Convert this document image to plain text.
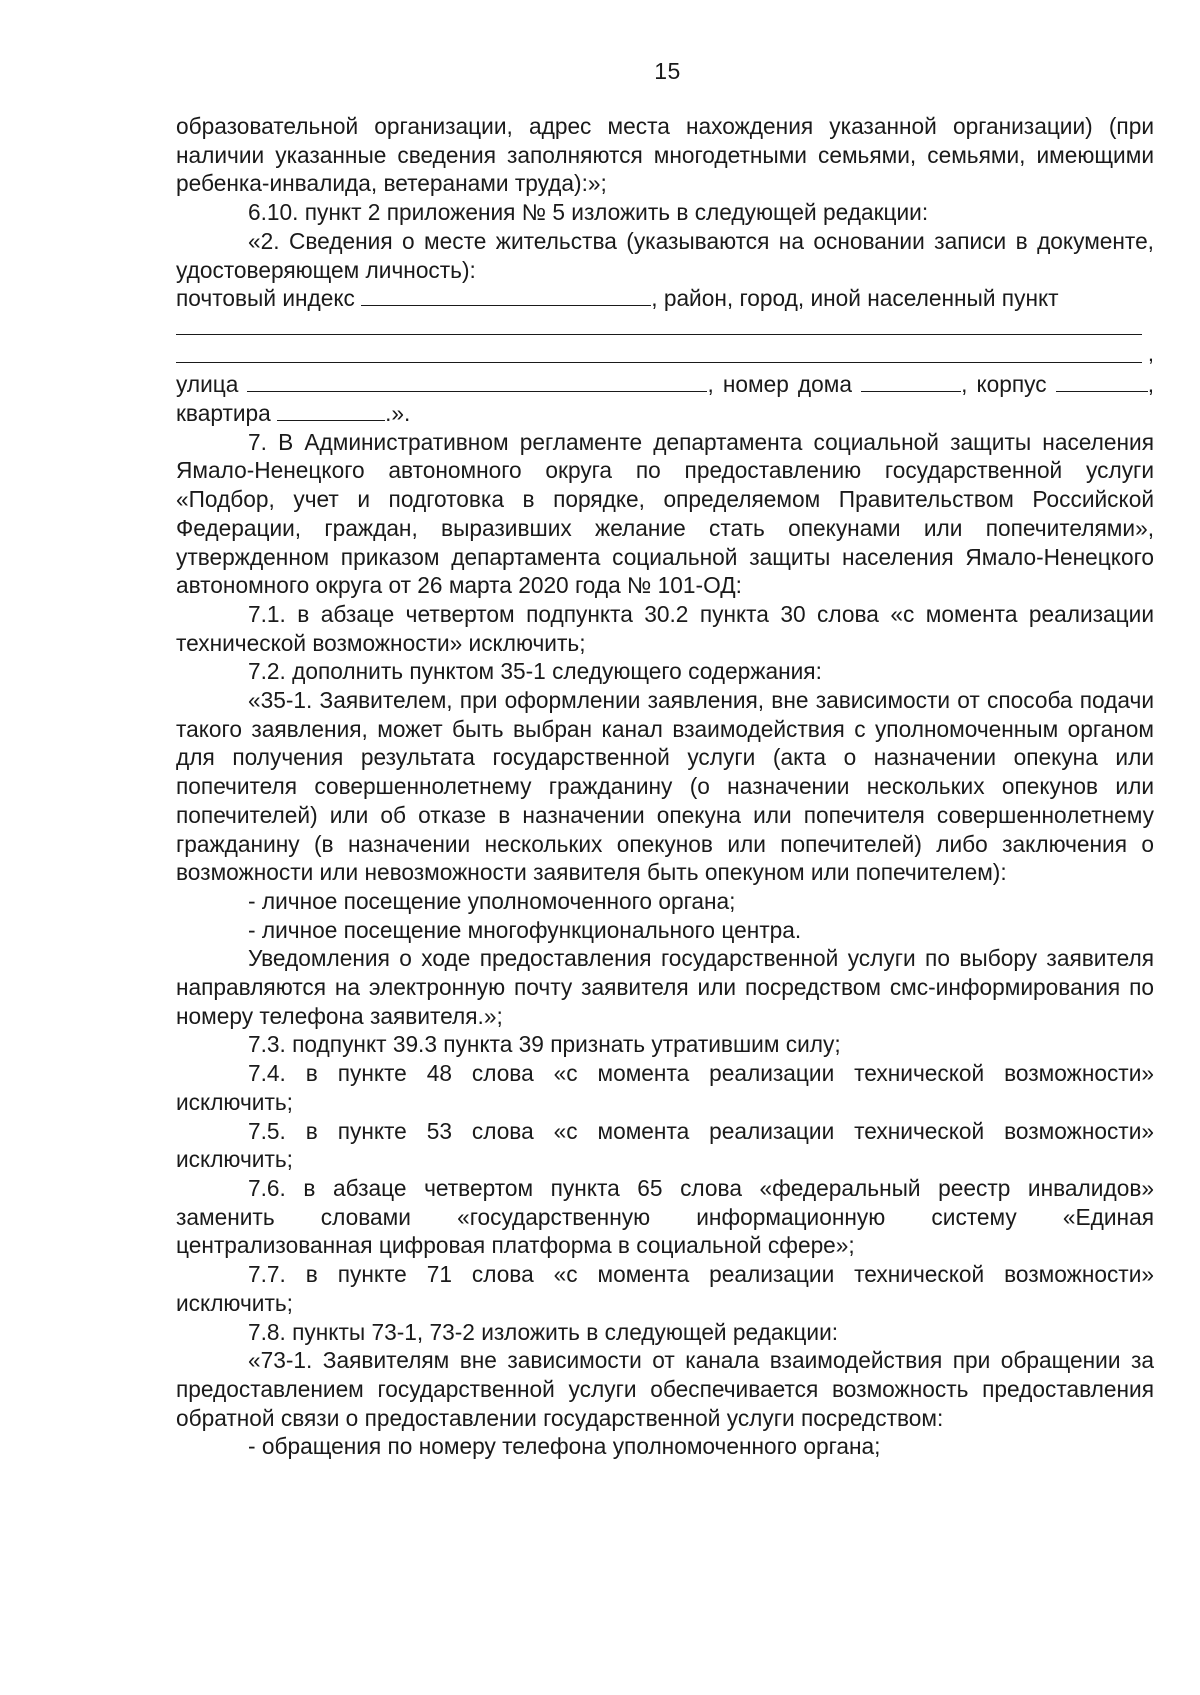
15

образовательной организации, адрес места нахождения указанной организации) (при наличии указанные сведения заполняются многодетными семьями, семьями, имеющими ребенка-инвалида, ветеранами труда):»;

6.10. пункт 2 приложения № 5 изложить в следующей редакции:

«2. Сведения о месте жительства (указываются на основании записи в документе, удостоверяющем личность):

почтовый индекс	, район, город, иной населенный пункт

,

улица	, номер дома	, корпус	, квартира	.».

7. В Административном регламенте департамента социальной защиты населения Ямало-Ненецкого автономного округа по предоставлению государственной услуги «Подбор, учет и подготовка в порядке, определяемом Правительством Российской Федерации, граждан, выразивших желание стать опекунами или попечителями», утвержденном приказом департамента социальной защиты населения Ямало-Ненецкого автономного округа от 26 марта 2020 года № 101-ОД:

7.1. в абзаце четвертом подпункта 30.2 пункта 30 слова «с момента реализации технической возможности» исключить;

7.2. дополнить пунктом 35-1 следующего содержания:

«35-1. Заявителем, при оформлении заявления, вне зависимости от способа подачи такого заявления, может быть выбран канал взаимодействия с уполномоченным органом для получения результата государственной услуги (акта о назначении опекуна или попечителя совершеннолетнему гражданину (о назначении нескольких опекунов или попечителей) или об отказе в назначении опекуна или попечителя совершеннолетнему гражданину (в назначении нескольких опекунов или попечителей) либо заключения о возможности или невозможности заявителя быть опекуном или попечителем):

- личное посещение уполномоченного органа;

- личное посещение многофункционального центра.

Уведомления о ходе предоставления государственной услуги по выбору заявителя направляются на электронную почту заявителя или посредством смс-информирования по номеру телефона заявителя.»;

7.3. подпункт 39.3 пункта 39 признать утратившим силу;

7.4. в пункте 48 слова «с момента реализации технической возможности» исключить;

7.5. в пункте 53 слова «с момента реализации технической возможности» исключить;

7.6. в абзаце четвертом пункта 65 слова «федеральный реестр инвалидов» заменить словами «государственную информационную систему «Единая централизованная цифровая платформа в социальной сфере»;

7.7. в пункте 71 слова «с момента реализации технической возможности» исключить;

7.8. пункты 73-1, 73-2 изложить в следующей редакции:

«73-1. Заявителям вне зависимости от канала взаимодействия при обращении за предоставлением государственной услуги обеспечивается возможность предоставления обратной связи о предоставлении государственной услуги посредством:

- обращения по номеру телефона уполномоченного органа;
